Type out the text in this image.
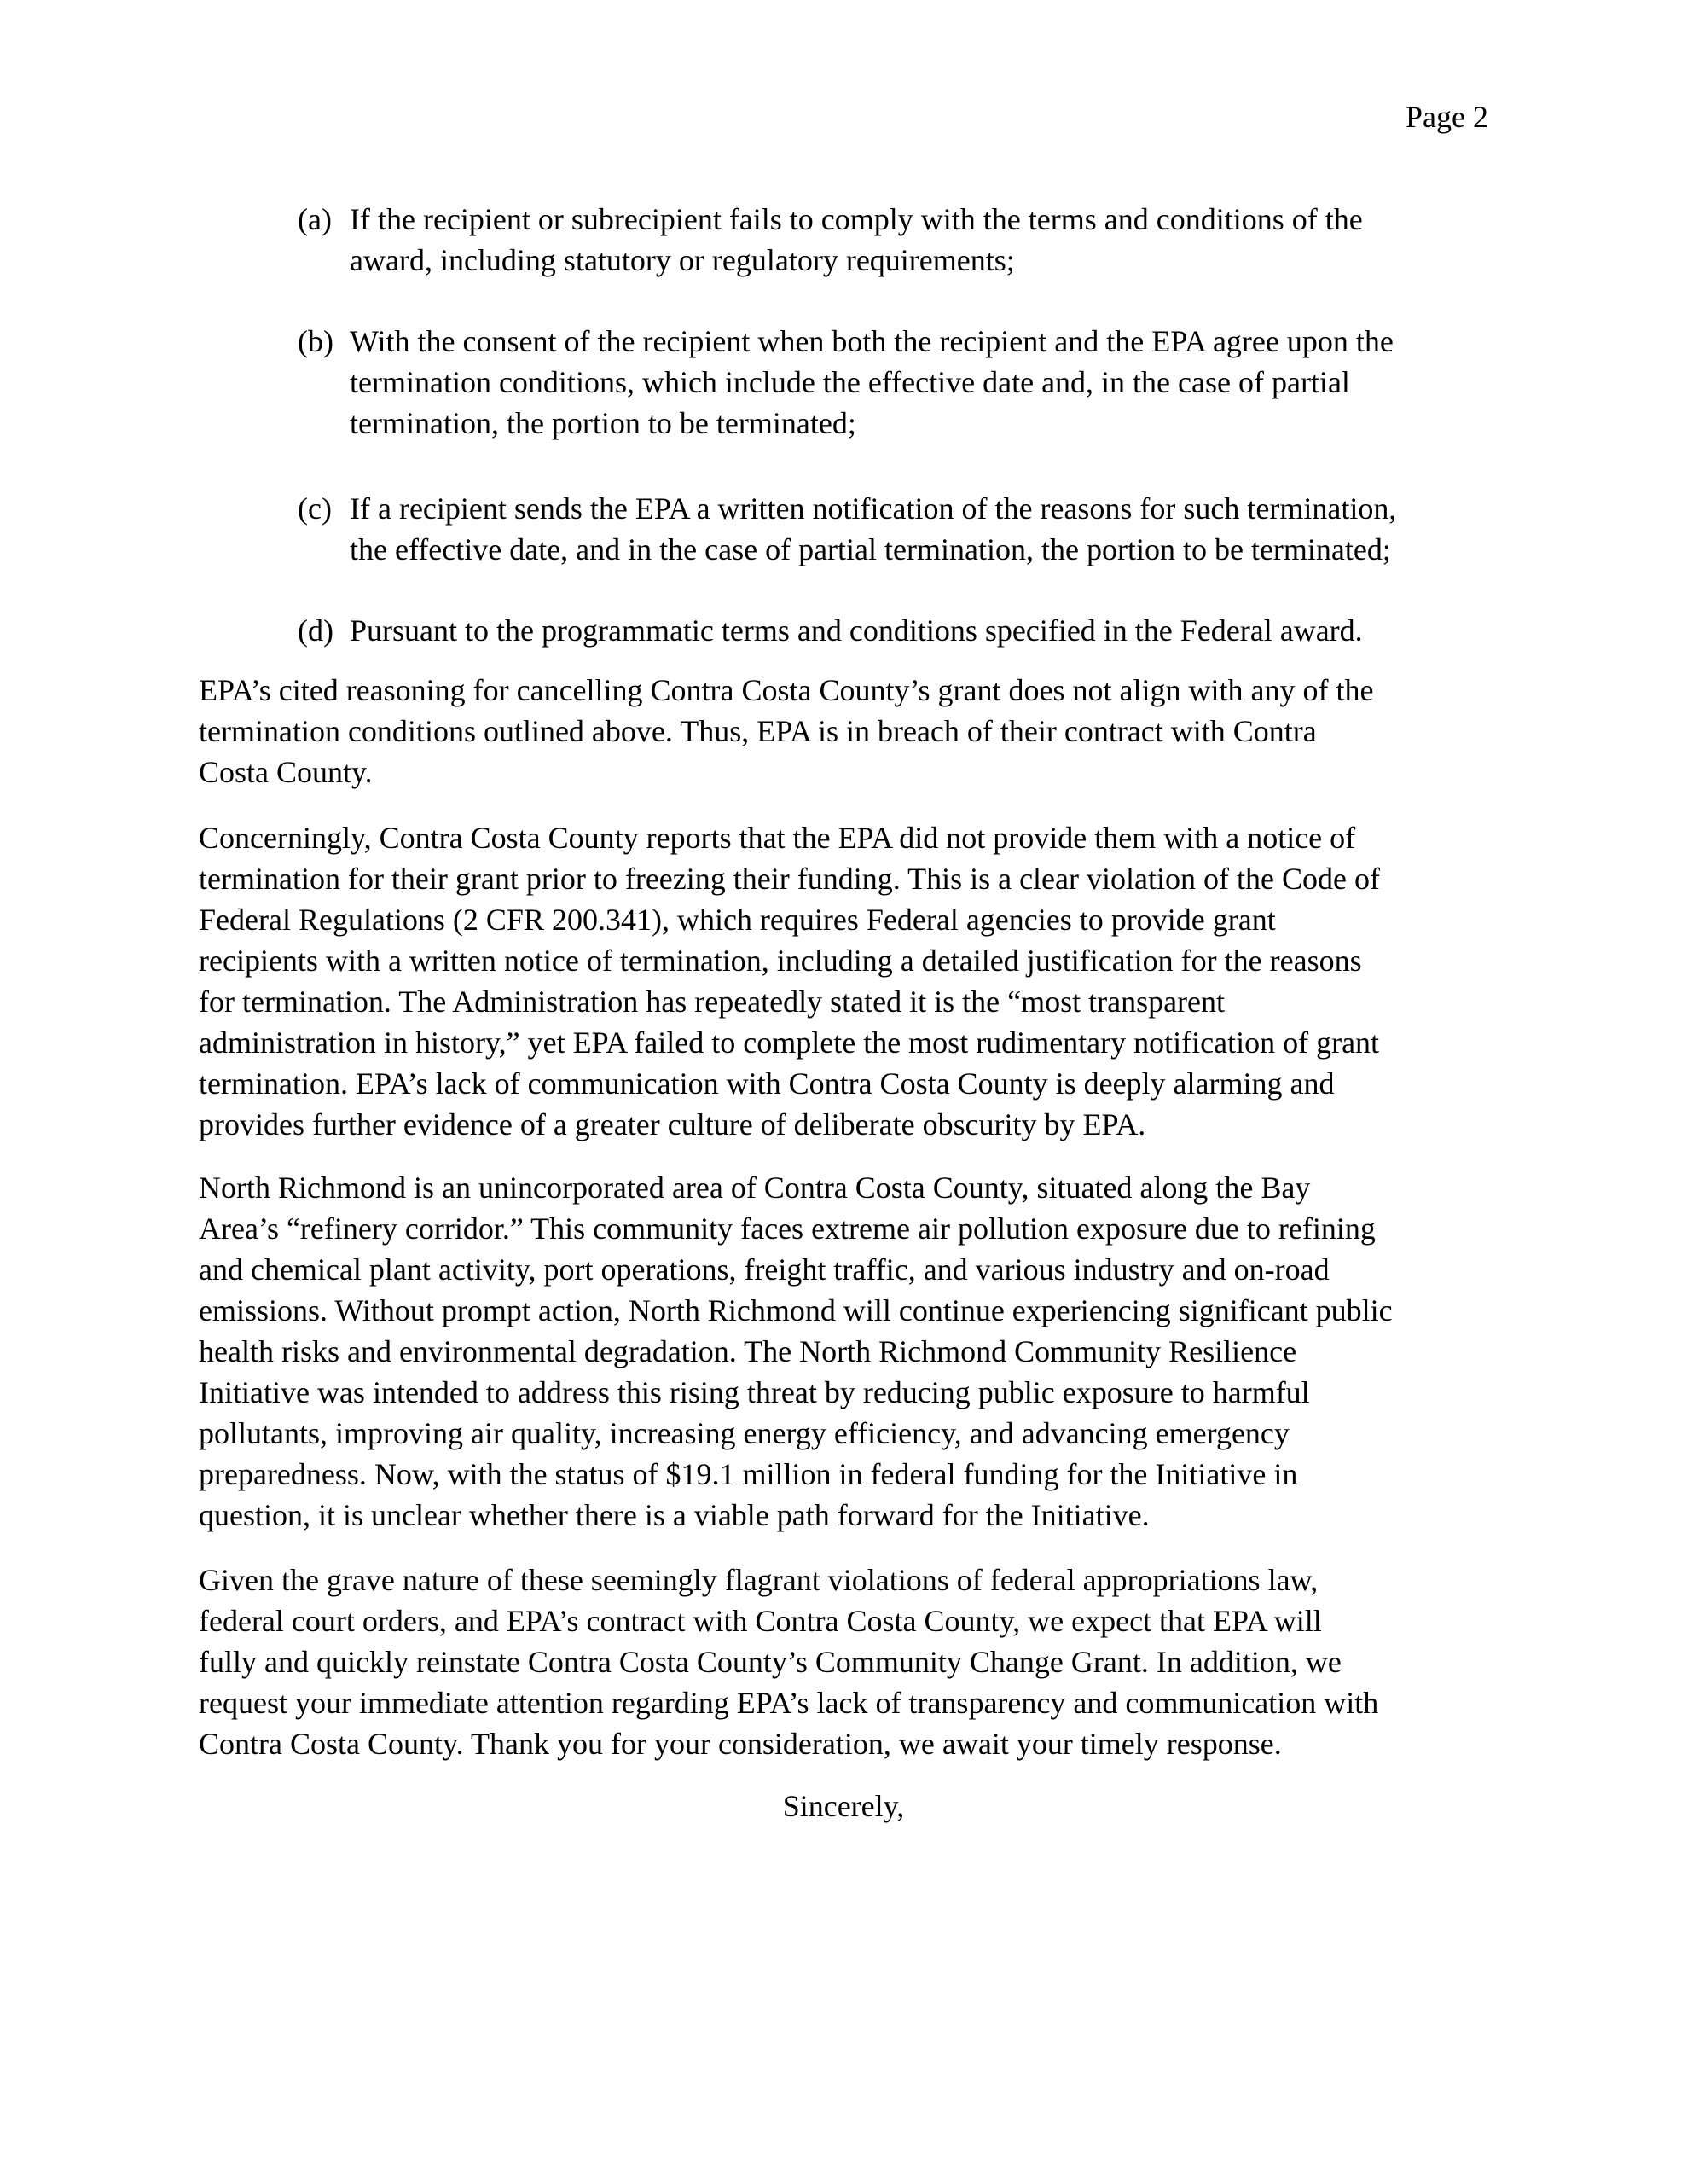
Page 2
(a) If the recipient or subrecipient fails to comply with the terms and conditions of the
award, including statutory or regulatory requirements;
(b) With the consent of the recipient when both the recipient and the EPA agree upon the
termination conditions, which include the effective date and, in the case of partial
termination, the portion to be terminated;
(c) If a recipient sends the EPA a written notification of the reasons for such termination,
the effective date, and in the case of partial termination, the portion to be terminated;
(d) Pursuant to the programmatic terms and conditions specified in the Federal award.
EPA’s cited reasoning for cancelling Contra Costa County’s grant does not align with any of the
termination conditions outlined above. Thus, EPA is in breach of their contract with Contra
Costa County.
Concerningly, Contra Costa County reports that the EPA did not provide them with a notice of
termination for their grant prior to freezing their funding. This is a clear violation of the Code of
Federal Regulations (2 CFR 200.341), which requires Federal agencies to provide grant
recipients with a written notice of termination, including a detailed justification for the reasons
for termination. The Administration has repeatedly stated it is the “most transparent
administration in history,” yet EPA failed to complete the most rudimentary notification of grant
termination. EPA’s lack of communication with Contra Costa County is deeply alarming and
provides further evidence of a greater culture of deliberate obscurity by EPA.
North Richmond is an unincorporated area of Contra Costa County, situated along the Bay
Area’s “refinery corridor.” This community faces extreme air pollution exposure due to refining
and chemical plant activity, port operations, freight traffic, and various industry and on-road
emissions. Without prompt action, North Richmond will continue experiencing significant public
health risks and environmental degradation. The North Richmond Community Resilience
Initiative was intended to address this rising threat by reducing public exposure to harmful
pollutants, improving air quality, increasing energy efficiency, and advancing emergency
preparedness. Now, with the status of $19.1 million in federal funding for the Initiative in
question, it is unclear whether there is a viable path forward for the Initiative.
Given the grave nature of these seemingly flagrant violations of federal appropriations law,
federal court orders, and EPA’s contract with Contra Costa County, we expect that EPA will
fully and quickly reinstate Contra Costa County’s Community Change Grant. In addition, we
request your immediate attention regarding EPA’s lack of transparency and communication with
Contra Costa County. Thank you for your consideration, we await your timely response.
Sincerely,
